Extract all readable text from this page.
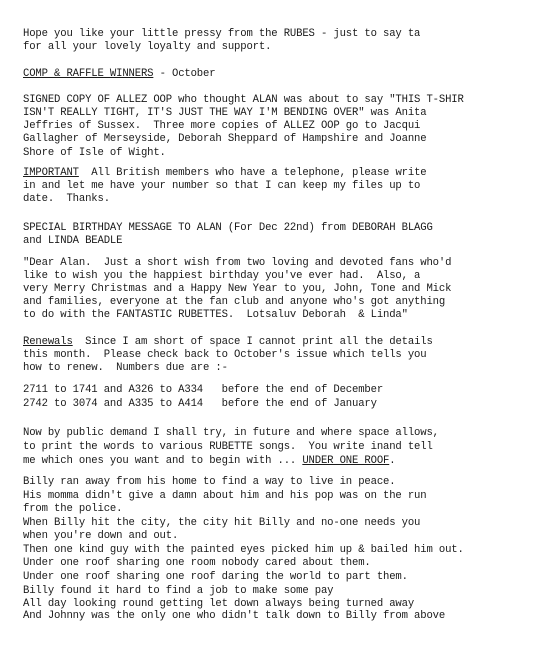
Hope you like your little pressy from the RUBES - just to say ta
for all your lovely loyalty and support.
COMP & RAFFLE WINNERS - October
SIGNED COPY OF ALLEZ OOP who thought ALAN was about to say "THIS T-SHIR
ISN'T REALLY TIGHT, IT'S JUST THE WAY I'M BENDING OVER" was Anita
Jeffries of Sussex.  Three more copies of ALLEZ OOP go to Jacqui
Gallagher of Merseyside, Deborah Sheppard of Hampshire and Joanne
Shore of Isle of Wight.
IMPORTANT  All British members who have a telephone, please write
in and let me have your number so that I can keep my files up to
date.  Thanks.
SPECIAL BIRTHDAY MESSAGE TO ALAN (For Dec 22nd) from DEBORAH BLAGG
and LINDA BEADLE
"Dear Alan.  Just a short wish from two loving and devoted fans who'd
like to wish you the happiest birthday you've ever had.  Also, a
very Merry Christmas and a Happy New Year to you, John, Tone and Mick
and families, everyone at the fan club and anyone who's got anything
to do with the FANTASTIC RUBETTES.  Lotsaluv Deborah  & Linda"
Renewals  Since I am short of space I cannot print all the details
this month.  Please check back to October's issue which tells you
how to renew.  Numbers due are :-
2711 to 1741 and A326 to A334   before the end of December
2742 to 3074 and A335 to A414   before the end of January
Now by public demand I shall try, in future and where space allows,
to print the words to various RUBETTE songs.  You write inand tell
me which ones you want and to begin with ... UNDER ONE ROOF.
Billy ran away from his home to find a way to live in peace.
His momma didn't give a damn about him and his pop was on the run
from the police.
When Billy hit the city, the city hit Billy and no-one needs you
when you're down and out.
Then one kind guy with the painted eyes picked him up & bailed him out.
Under one roof sharing one room nobody cared about them.
Under one roof sharing one roof daring the world to part them.
Billy found it hard to find a job to make some pay
All day looking round getting let down always being turned away
And Johnny was the only one who didn't talk down to Billy from above
